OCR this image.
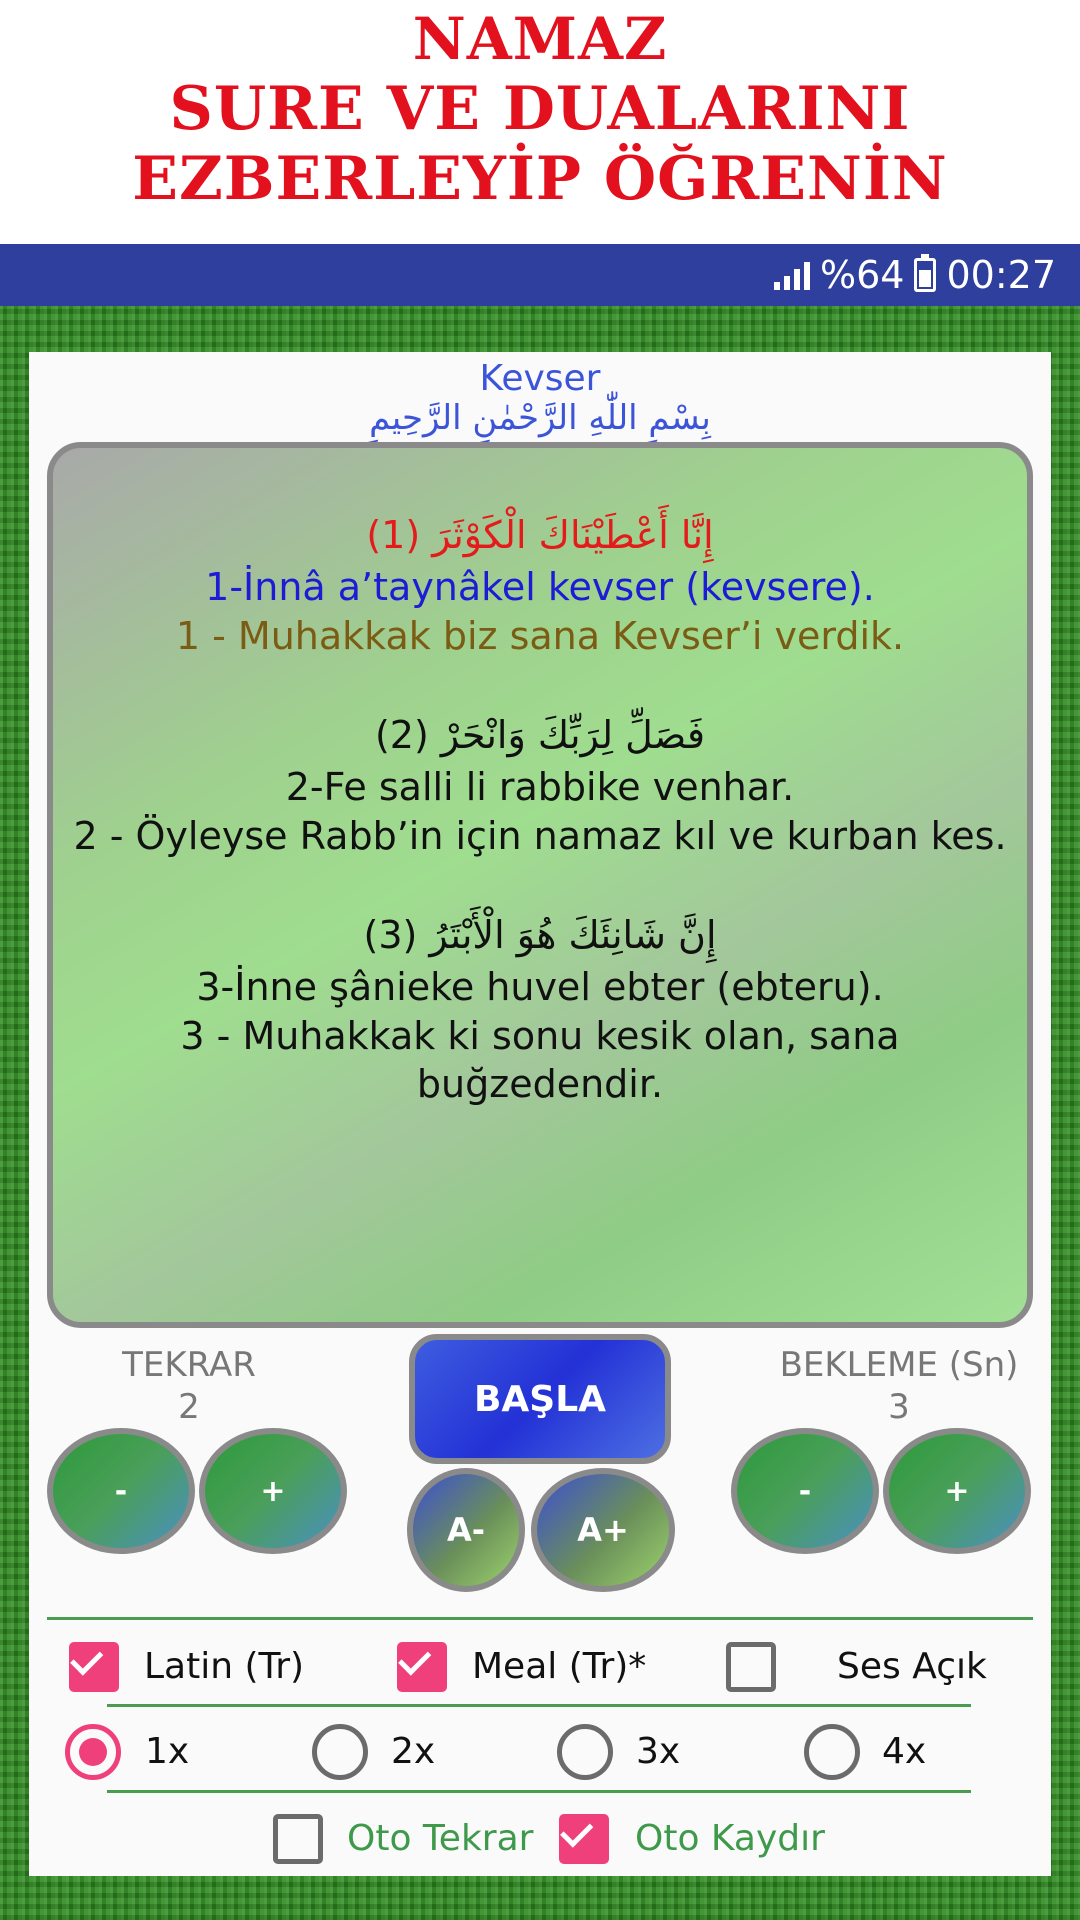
NAMAZ
SURE VE DUALARINI
EZBERLEYİP ÖĞRENİN
%64 00:27
Kevser
بِسْمِ اللّٰهِ الرَّحْمٰنِ الرَّحِيمِ
إِنَّا أَعْطَيْنَاكَ الْكَوْثَرَ (1)
1-İnnâ a’taynâkel kevser (kevsere).
1 - Muhakkak biz sana Kevser’i verdik.
فَصَلِّ لِرَبِّكَ وَانْحَرْ (2)
2-Fe salli li rabbike venhar.
2 - Öyleyse Rabb’in için namaz kıl ve kurban kes.
إِنَّ شَانِئَكَ هُوَ الْأَبْتَرُ (3)
3-İnne şânieke huvel ebter (ebteru).
3 - Muhakkak ki sonu kesik olan, sana buğzedendir.
TEKRAR
2
-	+
BAŞLA
A-	A+
BEKLEME (Sn)
3
-	+
Latin (Tr)	Meal (Tr)*	Ses Açık
1x	2x	3x	4x
Oto Tekrar	Oto Kaydır
